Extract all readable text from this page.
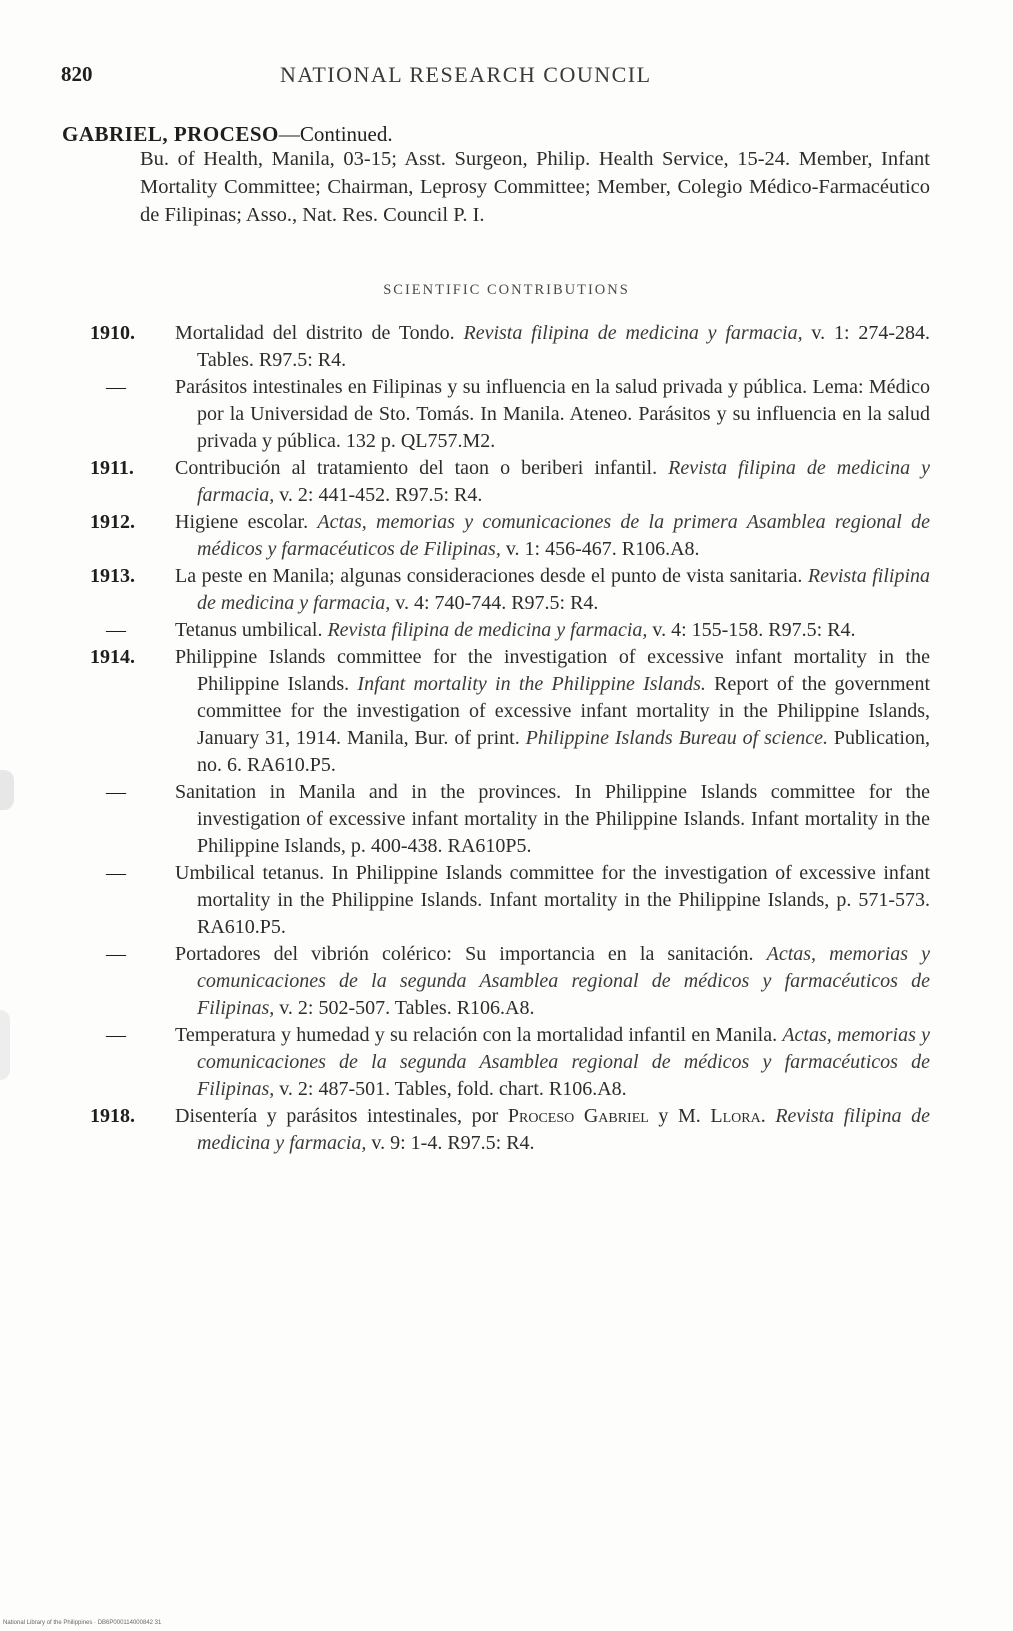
820	NATIONAL RESEARCH COUNCIL
GABRIEL, PROCESO—Continued.
Bu. of Health, Manila, 03-15; Asst. Surgeon, Philip. Health Service, 15-24. Member, Infant Mortality Committee; Chairman, Leprosy Committee; Member, Colegio Médico-Farmacéutico de Filipinas; Asso., Nat. Res. Council P. I.
SCIENTIFIC CONTRIBUTIONS
1910.	Mortalidad del distrito de Tondo. Revista filipina de medicina y farmacia, v. 1: 274-284. Tables. R97.5: R4.
—	Parásitos intestinales en Filipinas y su influencia en la salud privada y pública. Lema: Médico por la Universidad de Sto. Tomás. In Manila. Ateneo. Parásitos y su influencia en la salud privada y pública. 132 p. QL757.M2.
1911.	Contribución al tratamiento del taon o beriberi infantil. Revista filipina de medicina y farmacia, v. 2: 441-452. R97.5: R4.
1912.	Higiene escolar. Actas, memorias y comunicaciones de la primera Asamblea regional de médicos y farmacéuticos de Filipinas, v. 1: 456-467. R106.A8.
1913.	La peste en Manila; algunas consideraciones desde el punto de vista sanitaria. Revista filipina de medicina y farmacia, v. 4: 740-744. R97.5: R4.
—	Tetanus umbilical. Revista filipina de medicina y farmacia, v. 4: 155-158. R97.5: R4.
1914.	Philippine Islands committee for the investigation of excessive infant mortality in the Philippine Islands. Infant mortality in the Philippine Islands. Report of the government committee for the investigation of excessive infant mortality in the Philippine Islands, January 31, 1914. Manila, Bur. of print. Philippine Islands Bureau of science. Publication, no. 6. RA610.P5.
—	Sanitation in Manila and in the provinces. In Philippine Islands committee for the investigation of excessive infant mortality in the Philippine Islands. Infant mortality in the Philippine Islands, p. 400-438. RA610P5.
—	Umbilical tetanus. In Philippine Islands committee for the investigation of excessive infant mortality in the Philippine Islands. Infant mortality in the Philippine Islands, p. 571-573. RA610.P5.
—	Portadores del vibrión colérico: Su importancia en la sanitación. Actas, memorias y comunicaciones de la segunda Asamblea regional de médicos y farmacéuticos de Filipinas, v. 2: 502-507. Tables. R106.A8.
—	Temperatura y humedad y su relación con la mortalidad infantil en Manila. Actas, memorias y comunicaciones de la segunda Asamblea regional de médicos y farmacéuticos de Filipinas, v. 2: 487-501. Tables, fold. chart. R106.A8.
1918.	Disentería y parásitos intestinales, por Proceso Gabriel y M. Llora. Revista filipina de medicina y farmacia, v. 9: 1-4. R97.5: R4.
National Library of the Philippines · DB6P000114000842 31
